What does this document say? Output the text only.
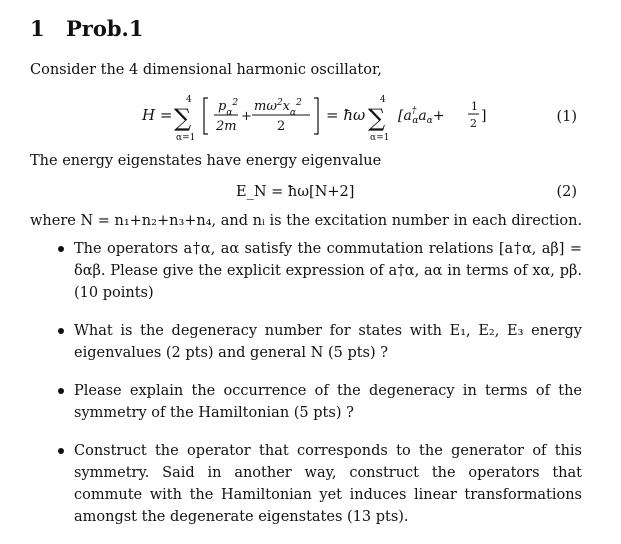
1 Prob.1
Consider the 4 dimensional harmonic oscillator,
H =
4
∑
α=1
$p_\alpha^2$
2m
+
$m\omega^2x_\alpha^2$
2
= ħω
4
∑
α=1
[a† $\alpha a_\alpha+$
1
2 ]	(1)
The energy eigenstates have energy eigenvalue
E_N = ħω[N+2]	(2)
where N = n₁+n₂+n₃+n₄, and nᵢ is the excitation number in each direction.
The operators a†α, aα satisfy the commutation relations [a†α, aβ] = δαβ. Please give the explicit expression of a†α, aα in terms of xα, pβ. (10 points)
What is the degeneracy number for states with E₁, E₂, E₃ energy eigenvalues (2 pts) and general N (5 pts) ?
Please explain the occurrence of the degeneracy in terms of the symmetry of the Hamiltonian (5 pts) ?
Construct the operator that corresponds to the generator of this symmetry. Said in another way, construct the operators that commute with the Hamiltonian yet induces linear transformations amongst the degenerate eigenstates (13 pts).
